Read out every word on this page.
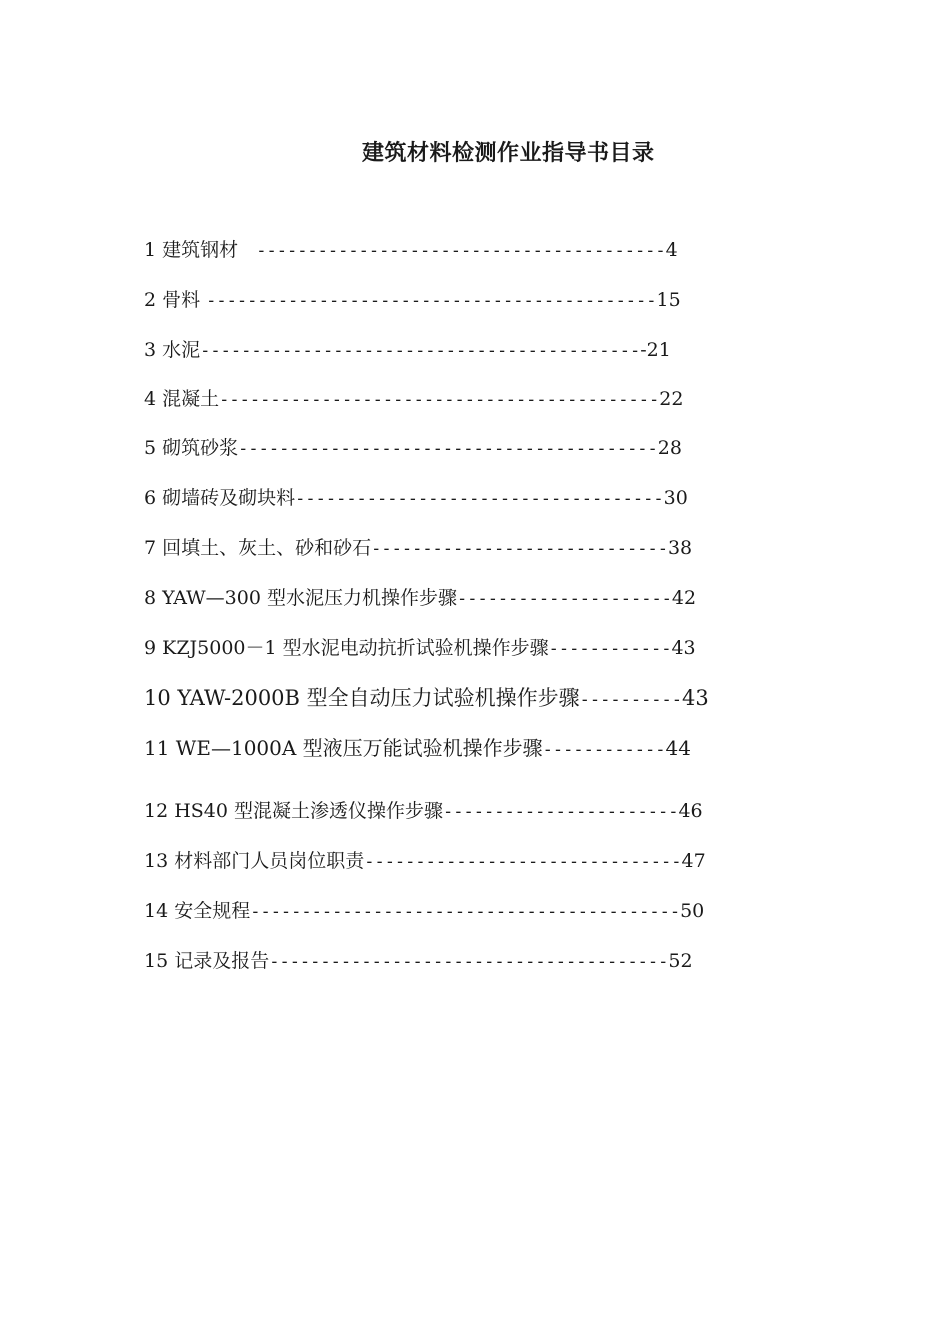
建筑材料检测作业指导书目录
1 建筑钢材   ----------------------------------------4
2 骨料 --------------------------------------------15
3 水泥--------------------------------------------21
4 混凝土-------------------------------------------22
5 砌筑砂浆-----------------------------------------28
6 砌墙砖及砌块料------------------------------------30
7 回填土、灰土、砂和砂石-----------------------------38
8 YAW—300 型水泥压力机操作步骤---------------------42
9 KZJ5000－1 型水泥电动抗折试验机操作步骤------------43
10 YAW-2000B 型全自动压力试验机操作步骤----------43
11 WE—1000A 型液压万能试验机操作步骤------------44
12 HS40 型混凝土渗透仪操作步骤-----------------------46
13 材料部门人员岗位职责-------------------------------47
14 安全规程------------------------------------------50
15 记录及报告---------------------------------------52
